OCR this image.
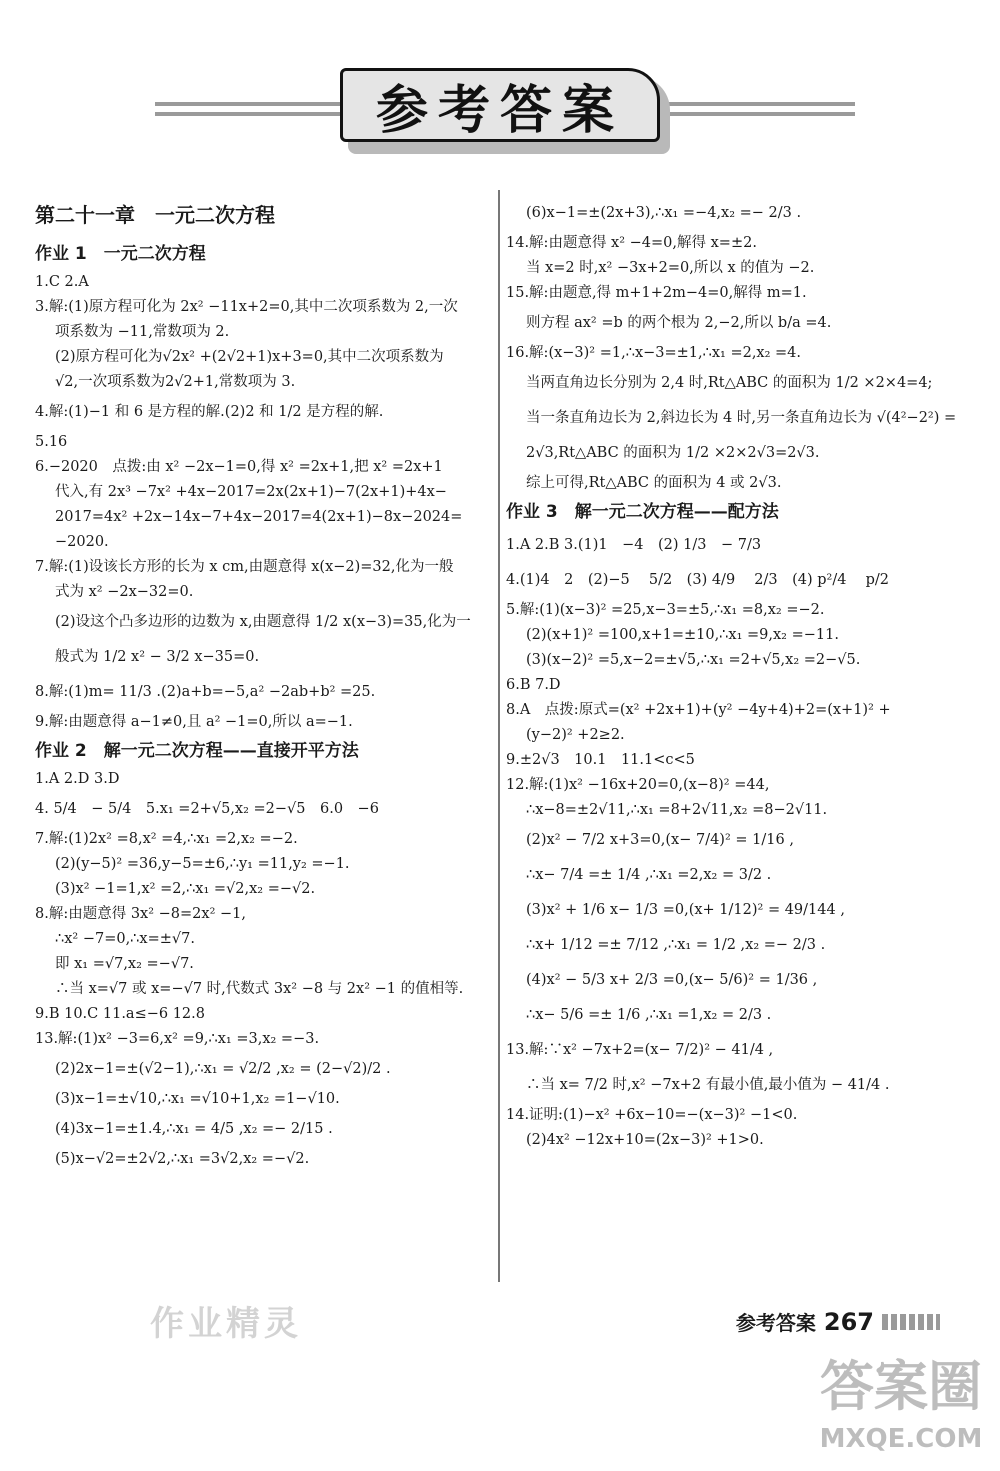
参考答案
第二十一章　一元二次方程
作业 1　一元二次方程
1.C 2.A
3.解:(1)原方程可化为 2x² −11x+2=0,其中二次项系数为 2,一次
项系数为 −11,常数项为 2.
(2)原方程可化为√2x² +(2√2+1)x+3=0,其中二次项系数为
√2,一次项系数为2√2+1,常数项为 3.
4.解:(1)−1 和 6 是方程的解.(2)2 和 1/2 是方程的解.
5.16
6.−2020　点拨:由 x² −2x−1=0,得 x² =2x+1,把 x² =2x+1
代入,有 2x³ −7x² +4x−2017=2x(2x+1)−7(2x+1)+4x−
2017=4x² +2x−14x−7+4x−2017=4(2x+1)−8x−2024=
−2020.
7.解:(1)设该长方形的长为 x cm,由题意得 x(x−2)=32,化为一般
式为 x² −2x−32=0.
(2)设这个凸多边形的边数为 x,由题意得 1/2 x(x−3)=35,化为一
般式为 1/2 x² − 3/2 x−35=0.
8.解:(1)m= 11/3 .(2)a+b=−5,a² −2ab+b² =25.
9.解:由题意得 a−1≠0,且 a² −1=0,所以 a=−1.
作业 2　解一元二次方程——直接开平方法
1.A 2.D 3.D
4. 5/4　− 5/4　5.x₁ =2+√5,x₂ =2−√5　6.0　−6
7.解:(1)2x² =8,x² =4,∴x₁ =2,x₂ =−2.
(2)(y−5)² =36,y−5=±6,∴y₁ =11,y₂ =−1.
(3)x² −1=1,x² =2,∴x₁ =√2,x₂ =−√2.
8.解:由题意得 3x² −8=2x² −1,
∴x² −7=0,∴x=±√7.
即 x₁ =√7,x₂ =−√7.
∴当 x=√7 或 x=−√7 时,代数式 3x² −8 与 2x² −1 的值相等.
9.B 10.C 11.a≤−6 12.8
13.解:(1)x² −3=6,x² =9,∴x₁ =3,x₂ =−3.
(2)2x−1=±(√2−1),∴x₁ = √2/2 ,x₂ = (2−√2)/2 .
(3)x−1=±√10,∴x₁ =√10+1,x₂ =1−√10.
(4)3x−1=±1.4,∴x₁ = 4/5 ,x₂ =− 2/15 .
(5)x−√2=±2√2,∴x₁ =3√2,x₂ =−√2.
(6)x−1=±(2x+3),∴x₁ =−4,x₂ =− 2/3 .
14.解:由题意得 x² −4=0,解得 x=±2.
当 x=2 时,x² −3x+2=0,所以 x 的值为 −2.
15.解:由题意,得 m+1+2m−4=0,解得 m=1.
则方程 ax² =b 的两个根为 2,−2,所以 b/a =4.
16.解:(x−3)² =1,∴x−3=±1,∴x₁ =2,x₂ =4.
当两直角边长分别为 2,4 时,Rt△ABC 的面积为 1/2 ×2×4=4;
当一条直角边长为 2,斜边长为 4 时,另一条直角边长为 √(4²−2²) =
2√3,Rt△ABC 的面积为 1/2 ×2×2√3=2√3.
综上可得,Rt△ABC 的面积为 4 或 2√3.
作业 3　解一元二次方程——配方法
1.A 2.B 3.(1)1　−4　(2) 1/3　− 7/3
4.(1)4　2　(2)−5　 5/2　(3) 4/9　 2/3　(4) p²/4　 p/2
5.解:(1)(x−3)² =25,x−3=±5,∴x₁ =8,x₂ =−2.
(2)(x+1)² =100,x+1=±10,∴x₁ =9,x₂ =−11.
(3)(x−2)² =5,x−2=±√5,∴x₁ =2+√5,x₂ =2−√5.
6.B 7.D
8.A　点拨:原式=(x² +2x+1)+(y² −4y+4)+2=(x+1)² +
(y−2)² +2≥2.
9.±2√3　10.1　11.1<c<5
12.解:(1)x² −16x+20=0,(x−8)² =44,
∴x−8=±2√11,∴x₁ =8+2√11,x₂ =8−2√11.
(2)x² − 7/2 x+3=0,(x− 7/4)² = 1/16 ,
∴x− 7/4 =± 1/4 ,∴x₁ =2,x₂ = 3/2 .
(3)x² + 1/6 x− 1/3 =0,(x+ 1/12)² = 49/144 ,
∴x+ 1/12 =± 7/12 ,∴x₁ = 1/2 ,x₂ =− 2/3 .
(4)x² − 5/3 x+ 2/3 =0,(x− 5/6)² = 1/36 ,
∴x− 5/6 =± 1/6 ,∴x₁ =1,x₂ = 2/3 .
13.解:∵x² −7x+2=(x− 7/2)² − 41/4 ,
∴当 x= 7/2 时,x² −7x+2 有最小值,最小值为 − 41/4 .
14.证明:(1)−x² +6x−10=−(x−3)² −1<0.
(2)4x² −12x+10=(2x−3)² +1>0.
作业精灵	参考答案 267
答案圈
MXQE.COM
